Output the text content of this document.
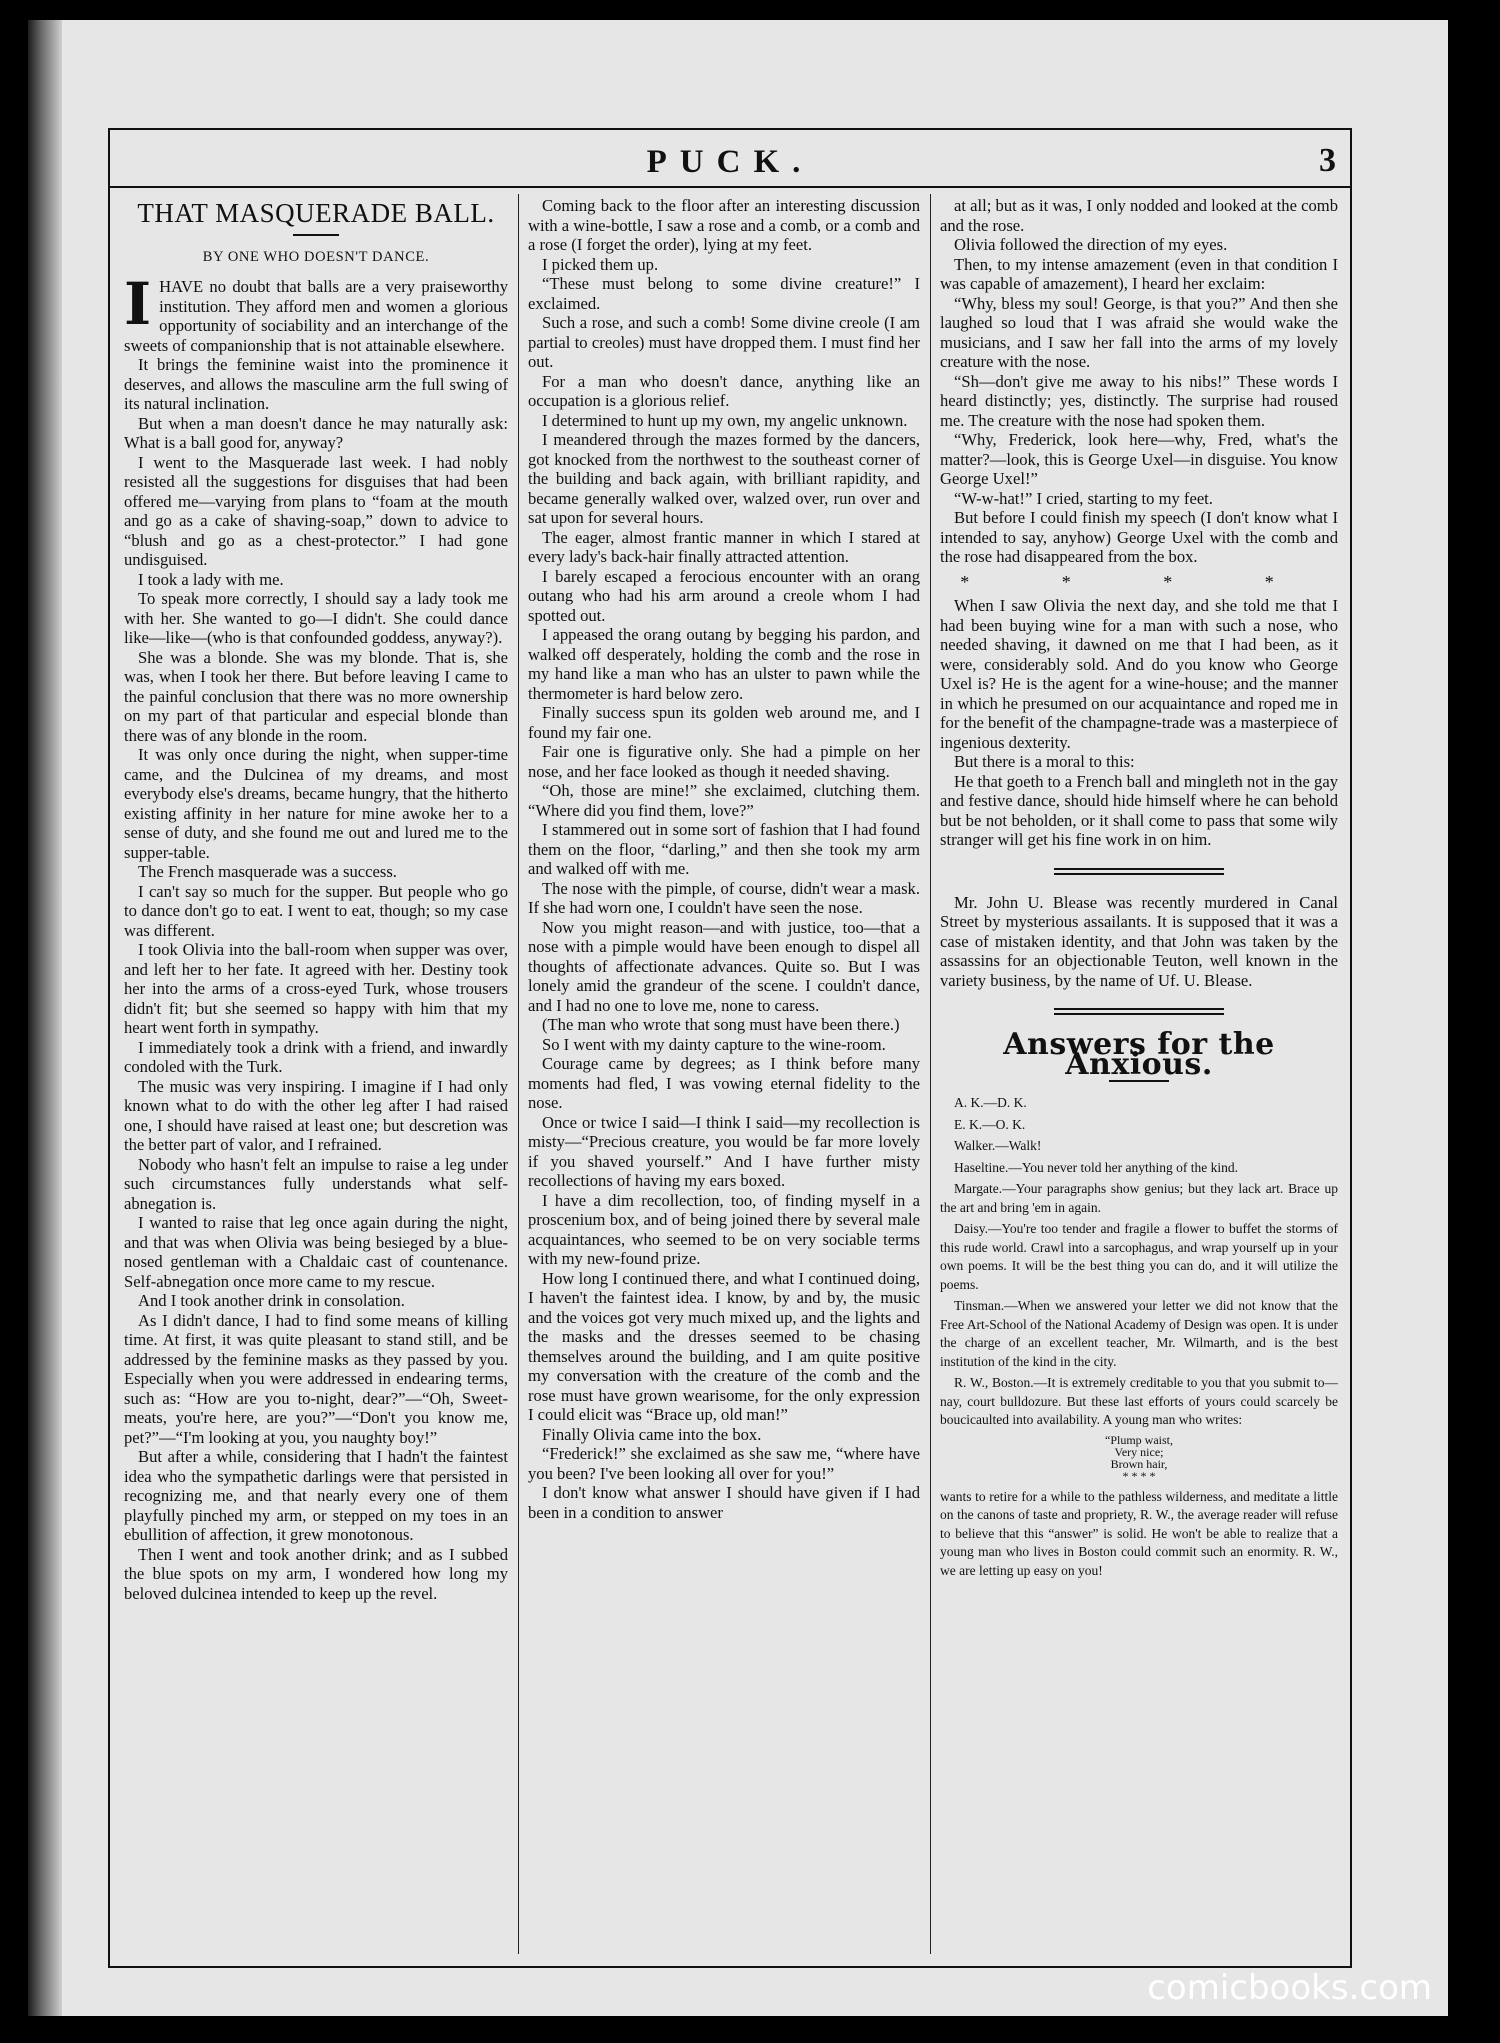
PUCK.	3
THAT MASQUERADE BALL.
BY ONE WHO DOESN'T DANCE.
I HAVE no doubt that balls are a very praiseworthy institution. They afford men and women a glorious opportunity of sociability and an interchange of the sweets of companionship that is not attainable elsewhere.

It brings the feminine waist into the prominence it deserves, and allows the masculine arm the full swing of its natural inclination.

But when a man doesn't dance he may naturally ask: What is a ball good for, anyway?

I went to the Masquerade last week. I had nobly resisted all the suggestions for disguises that had been offered me—varying from plans to “foam at the mouth and go as a cake of shaving-soap,” down to advice to “blush and go as a chest-protector.” I had gone undisguised.

I took a lady with me.

To speak more correctly, I should say a lady took me with her. She wanted to go—I didn't. She could dance like—like—(who is that confounded goddess, anyway?).

She was a blonde. She was my blonde. That is, she was, when I took her there. But before leaving I came to the painful conclusion that there was no more ownership on my part of that particular and especial blonde than there was of any blonde in the room.

It was only once during the night, when supper-time came, and the Dulcinea of my dreams, and most everybody else's dreams, became hungry, that the hitherto existing affinity in her nature for mine awoke her to a sense of duty, and she found me out and lured me to the supper-table.

The French masquerade was a success.

I can't say so much for the supper. But people who go to dance don't go to eat. I went to eat, though; so my case was different.

I took Olivia into the ball-room when supper was over, and left her to her fate. It agreed with her. Destiny took her into the arms of a cross-eyed Turk, whose trousers didn't fit; but she seemed so happy with him that my heart went forth in sympathy.

I immediately took a drink with a friend, and inwardly condoled with the Turk.

The music was very inspiring. I imagine if I had only known what to do with the other leg after I had raised one, I should have raised at least one; but descretion was the better part of valor, and I refrained.

Nobody who hasn't felt an impulse to raise a leg under such circumstances fully understands what self-abnegation is.

I wanted to raise that leg once again during the night, and that was when Olivia was being besieged by a blue-nosed gentleman with a Chaldaic cast of countenance. Self-abnegation once more came to my rescue.

And I took another drink in consolation.

As I didn't dance, I had to find some means of killing time. At first, it was quite pleasant to stand still, and be addressed by the feminine masks as they passed by you. Especially when you were addressed in endearing terms, such as: “How are you to-night, dear?”—“Oh, Sweet-meats, you're here, are you?”—“Don't you know me, pet?”—“I'm looking at you, you naughty boy!”

But after a while, considering that I hadn't the faintest idea who the sympathetic darlings were that persisted in recognizing me, and that nearly every one of them playfully pinched my arm, or stepped on my toes in an ebullition of affection, it grew monotonous.

Then I went and took another drink; and as I subbed the blue spots on my arm, I wondered how long my beloved dulcinea intended to keep up the revel.

Coming back to the floor after an interesting discussion with a wine-bottle, I saw a rose and a comb, or a comb and a rose (I forget the order), lying at my feet.

I picked them up.

“These must belong to some divine creature!” I exclaimed.

Such a rose, and such a comb! Some divine creole (I am partial to creoles) must have dropped them. I must find her out.

For a man who doesn't dance, anything like an occupation is a glorious relief.

I determined to hunt up my own, my angelic unknown.

I meandered through the mazes formed by the dancers, got knocked from the northwest to the southeast corner of the building and back again, with brilliant rapidity, and became generally walked over, walzed over, run over and sat upon for several hours.

The eager, almost frantic manner in which I stared at every lady's back-hair finally attracted attention.

I barely escaped a ferocious encounter with an orang outang who had his arm around a creole whom I had spotted out.

I appeased the orang outang by begging his pardon, and walked off desperately, holding the comb and the rose in my hand like a man who has an ulster to pawn while the thermometer is hard below zero.

Finally success spun its golden web around me, and I found my fair one.

Fair one is figurative only. She had a pimple on her nose, and her face looked as though it needed shaving.

“Oh, those are mine!” she exclaimed, clutching them. “Where did you find them, love?”

I stammered out in some sort of fashion that I had found them on the floor, “darling,” and then she took my arm and walked off with me.

The nose with the pimple, of course, didn't wear a mask. If she had worn one, I couldn't have seen the nose.

Now you might reason—and with justice, too—that a nose with a pimple would have been enough to dispel all thoughts of affectionate advances. Quite so. But I was lonely amid the grandeur of the scene. I couldn't dance, and I had no one to love me, none to caress.

(The man who wrote that song must have been there.)

So I went with my dainty capture to the wine-room.

Courage came by degrees; as I think before many moments had fled, I was vowing eternal fidelity to the nose.

Once or twice I said—I think I said—my recollection is misty—“Precious creature, you would be far more lovely if you shaved yourself.” And I have further misty recollections of having my ears boxed.

I have a dim recollection, too, of finding myself in a proscenium box, and of being joined there by several male acquaintances, who seemed to be on very sociable terms with my new-found prize.

How long I continued there, and what I continued doing, I haven't the faintest idea. I know, by and by, the music and the voices got very much mixed up, and the lights and the masks and the dresses seemed to be chasing themselves around the building, and I am quite positive my conversation with the creature of the comb and the rose must have grown wearisome, for the only expression I could elicit was “Brace up, old man!”

Finally Olivia came into the box.

“Frederick!” she exclaimed as she saw me, “where have you been? I've been looking all over for you!”

I don't know what answer I should have given if I had been in a condition to answer

at all; but as it was, I only nodded and looked at the comb and the rose.

Olivia followed the direction of my eyes.

Then, to my intense amazement (even in that condition I was capable of amazement), I heard her exclaim:

“Why, bless my soul! George, is that you?” And then she laughed so loud that I was afraid she would wake the musicians, and I saw her fall into the arms of my lovely creature with the nose.

“Sh—don't give me away to his nibs!” These words I heard distinctly; yes, distinctly. The surprise had roused me. The creature with the nose had spoken them.

“Why, Frederick, look here—why, Fred, what's the matter?—look, this is George Uxel—in disguise. You know George Uxel!”

“W-w-hat!” I cried, starting to my feet.

But before I could finish my speech (I don't know what I intended to say, anyhow) George Uxel with the comb and the rose had disappeared from the box.

* * * *

When I saw Olivia the next day, and she told me that I had been buying wine for a man with such a nose, who needed shaving, it dawned on me that I had been, as it were, considerably sold. And do you know who George Uxel is? He is the agent for a wine-house; and the manner in which he presumed on our acquaintance and roped me in for the benefit of the champagne-trade was a masterpiece of ingenious dexterity.

But there is a moral to this:

He that goeth to a French ball and mingleth not in the gay and festive dance, should hide himself where he can behold but be not beholden, or it shall come to pass that some wily stranger will get his fine work in on him.

Mr. John U. Blease was recently murdered in Canal Street by mysterious assailants. It is supposed that it was a case of mistaken identity, and that John was taken by the assassins for an objectionable Teuton, well known in the variety business, by the name of Uf. U. Blease.

Answers for the Anxious.

A. K.—D. K.

E. K.—O. K.

Walker.—Walk!

Haseltine.—You never told her anything of the kind.

Margate.—Your paragraphs show genius; but they lack art. Brace up the art and bring 'em in again.

Daisy.—You're too tender and fragile a flower to buffet the storms of this rude world. Crawl into a sarcophagus, and wrap yourself up in your own poems. It will be the best thing you can do, and it will utilize the poems.

Tinsman.—When we answered your letter we did not know that the Free Art-School of the National Academy of Design was open. It is under the charge of an excellent teacher, Mr. Wilmarth, and is the best institution of the kind in the city.

R. W., Boston.—It is extremely creditable to you that you submit to—nay, court bulldozure. But these last efforts of yours could scarcely be boucicaulted into availability. A young man who writes:

“Plump waist,
Very nice;
Brown hair,
* * * *

wants to retire for a while to the pathless wilderness, and meditate a little on the canons of taste and propriety, R. W., the average reader will refuse to believe that this “answer” is solid. He won't be able to realize that a young man who lives in Boston could commit such an enormity. R. W., we are letting up easy on you!

comicbooks.com
